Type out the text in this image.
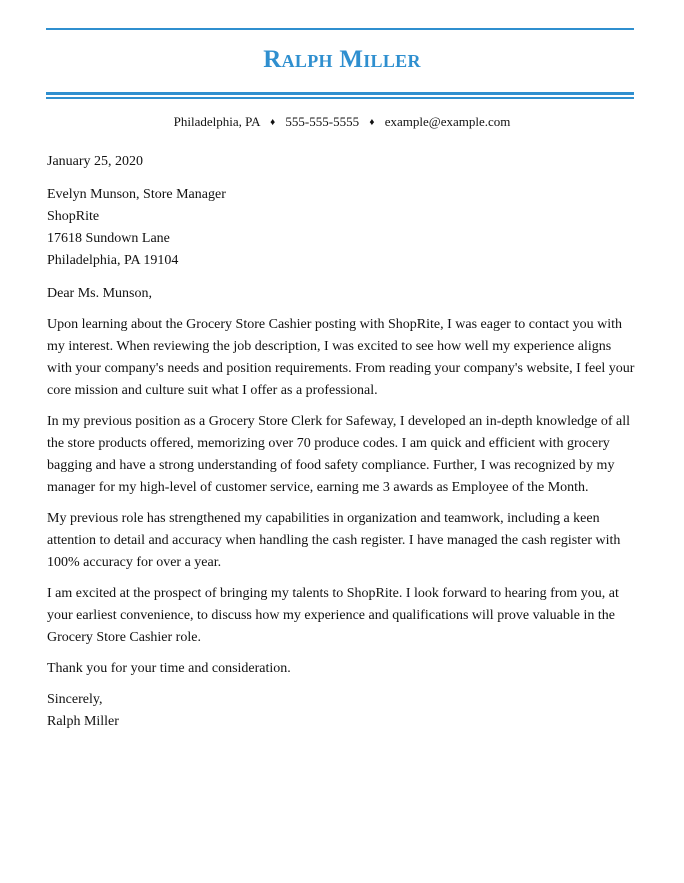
Ralph Miller
Philadelphia, PA ♦ 555-555-5555 ♦ example@example.com

January 25, 2020

Evelyn Munson, Store Manager

ShopRite

17618 Sundown Lane

Philadelphia, PA 19104

Dear Ms. Munson,

Upon learning about the Grocery Store Cashier posting with ShopRite, I was eager to contact you with my interest. When reviewing the job description, I was excited to see how well my experience aligns with your company's needs and position requirements. From reading your company's website, I feel your core mission and culture suit what I offer as a professional.

In my previous position as a Grocery Store Clerk for Safeway, I developed an in-depth knowledge of all the store products offered, memorizing over 70 produce codes. I am quick and efficient with grocery bagging and have a strong understanding of food safety compliance. Further, I was recognized by my manager for my high-level of customer service, earning me 3 awards as Employee of the Month.

My previous role has strengthened my capabilities in organization and teamwork, including a keen attention to detail and accuracy when handling the cash register. I have managed the cash register with 100% accuracy for over a year.

I am excited at the prospect of bringing my talents to ShopRite. I look forward to hearing from you, at your earliest convenience, to discuss how my experience and qualifications will prove valuable in the Grocery Store Cashier role.

Thank you for your time and consideration.

Sincerely,

Ralph Miller
